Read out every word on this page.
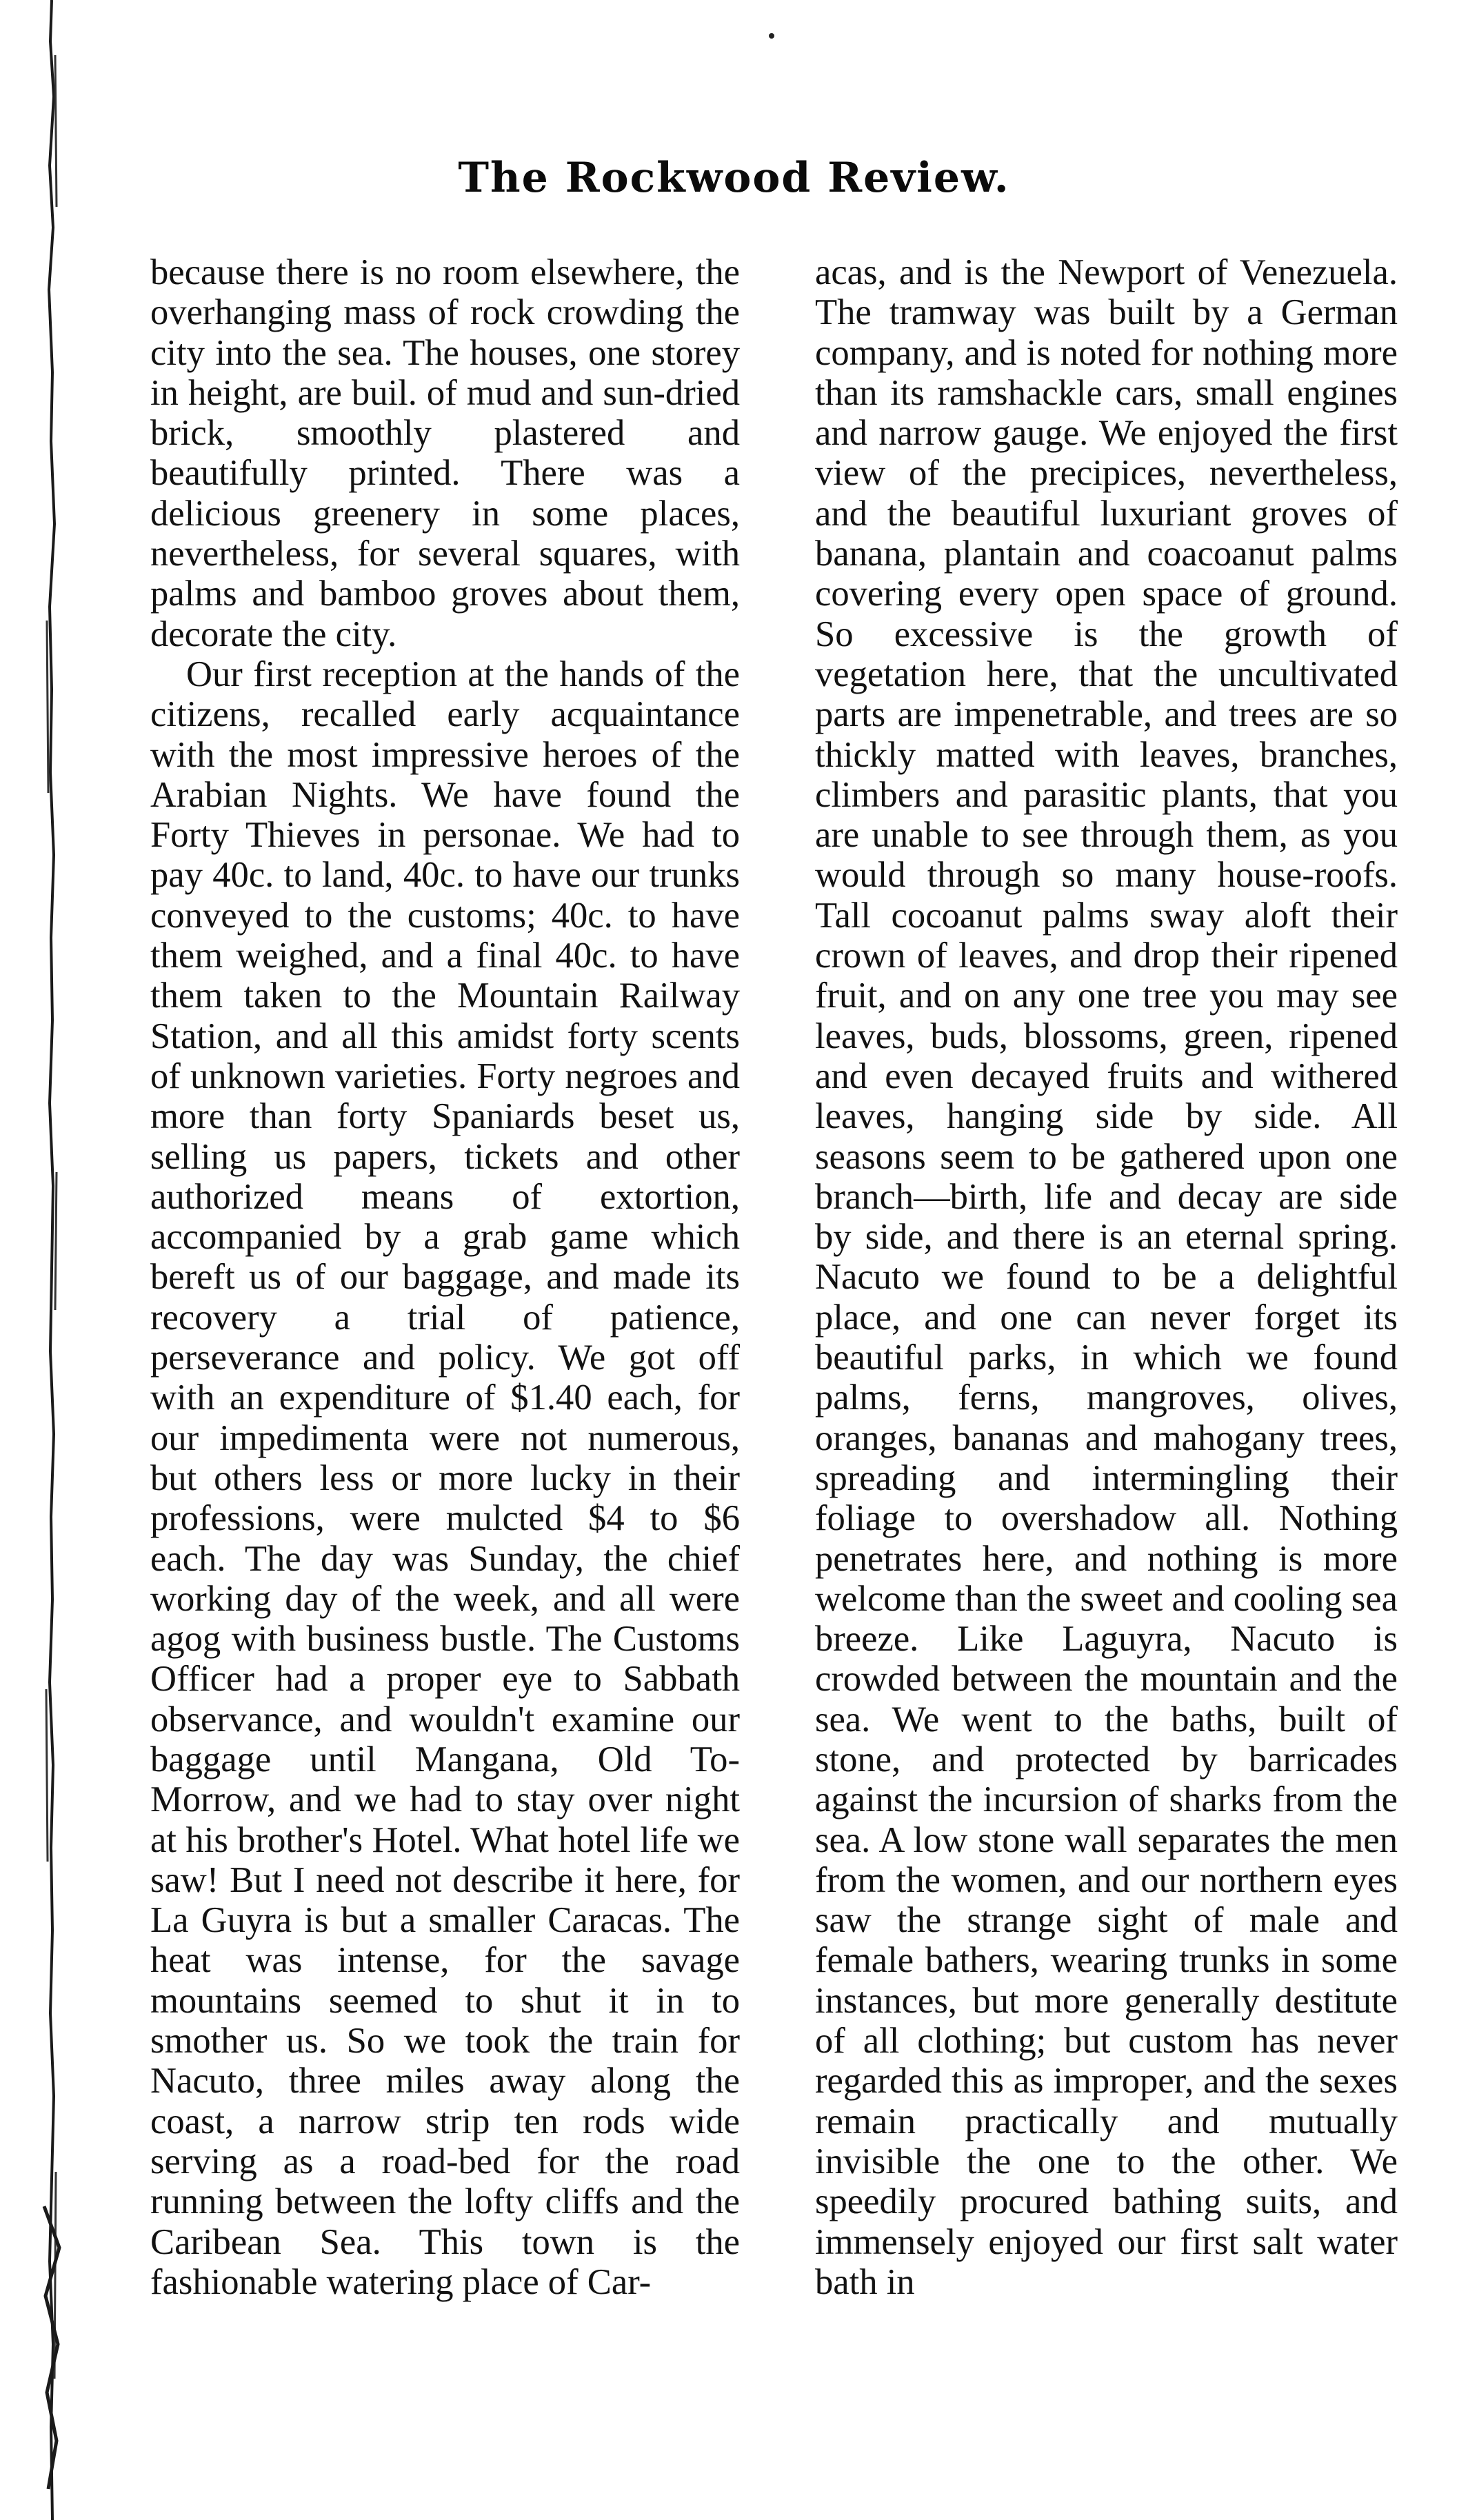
The Rockwood Review.

because there is no room elsewhere, the overhanging mass of rock crowding the city into the sea. The houses, one storey in height, are buil. of mud and sun-dried brick, smoothly plastered and beautifully printed. There was a delicious greenery in some places, nevertheless, for several squares, with palms and bamboo groves about them, decorate the city.

Our first reception at the hands of the citizens, recalled early acquaintance with the most impressive heroes of the Arabian Nights. We have found the Forty Thieves in personae. We had to pay 40c. to land, 40c. to have our trunks conveyed to the customs; 40c. to have them weighed, and a final 40c. to have them taken to the Mountain Railway Station, and all this amidst forty scents of unknown varieties. Forty negroes and more than forty Spaniards beset us, selling us papers, tickets and other authorized means of extortion, accompanied by a grab game which bereft us of our baggage, and made its recovery a trial of patience, perseverance and policy. We got off with an expenditure of $1.40 each, for our impedimenta were not numerous, but others less or more lucky in their professions, were mulcted $4 to $6 each. The day was Sunday, the chief working day of the week, and all were agog with business bustle. The Customs Officer had a proper eye to Sabbath observance, and wouldn't examine our baggage until Mangana, Old To-Morrow, and we had to stay over night at his brother's Hotel. What hotel life we saw! But I need not describe it here, for La Guyra is but a smaller Caracas. The heat was intense, for the savage mountains seemed to shut it in to smother us. So we took the train for Nacuto, three miles away along the coast, a narrow strip ten rods wide serving as a road-bed for the road running between the lofty cliffs and the Caribean Sea. This town is the fashionable watering place of Car-

acas, and is the Newport of Venezuela. The tramway was built by a German company, and is noted for nothing more than its ramshackle cars, small engines and narrow gauge. We enjoyed the first view of the precipices, nevertheless, and the beautiful luxuriant groves of banana, plantain and coacoanut palms covering every open space of ground. So excessive is the growth of vegetation here, that the uncultivated parts are impenetrable, and trees are so thickly matted with leaves, branches, climbers and parasitic plants, that you are unable to see through them, as you would through so many house-roofs. Tall cocoanut palms sway aloft their crown of leaves, and drop their ripened fruit, and on any one tree you may see leaves, buds, blossoms, green, ripened and even decayed fruits and withered leaves, hanging side by side. All seasons seem to be gathered upon one branch—birth, life and decay are side by side, and there is an eternal spring. Nacuto we found to be a delightful place, and one can never forget its beautiful parks, in which we found palms, ferns, mangroves, olives, oranges, bananas and mahogany trees, spreading and intermingling their foliage to overshadow all. Nothing penetrates here, and nothing is more welcome than the sweet and cooling sea breeze. Like Laguyra, Nacuto is crowded between the mountain and the sea. We went to the baths, built of stone, and protected by barricades against the incursion of sharks from the sea. A low stone wall separates the men from the women, and our northern eyes saw the strange sight of male and female bathers, wearing trunks in some instances, but more generally destitute of all clothing; but custom has never regarded this as improper, and the sexes remain practically and mutually invisible the one to the other. We speedily procured bathing suits, and immensely enjoyed our first salt water bath in
